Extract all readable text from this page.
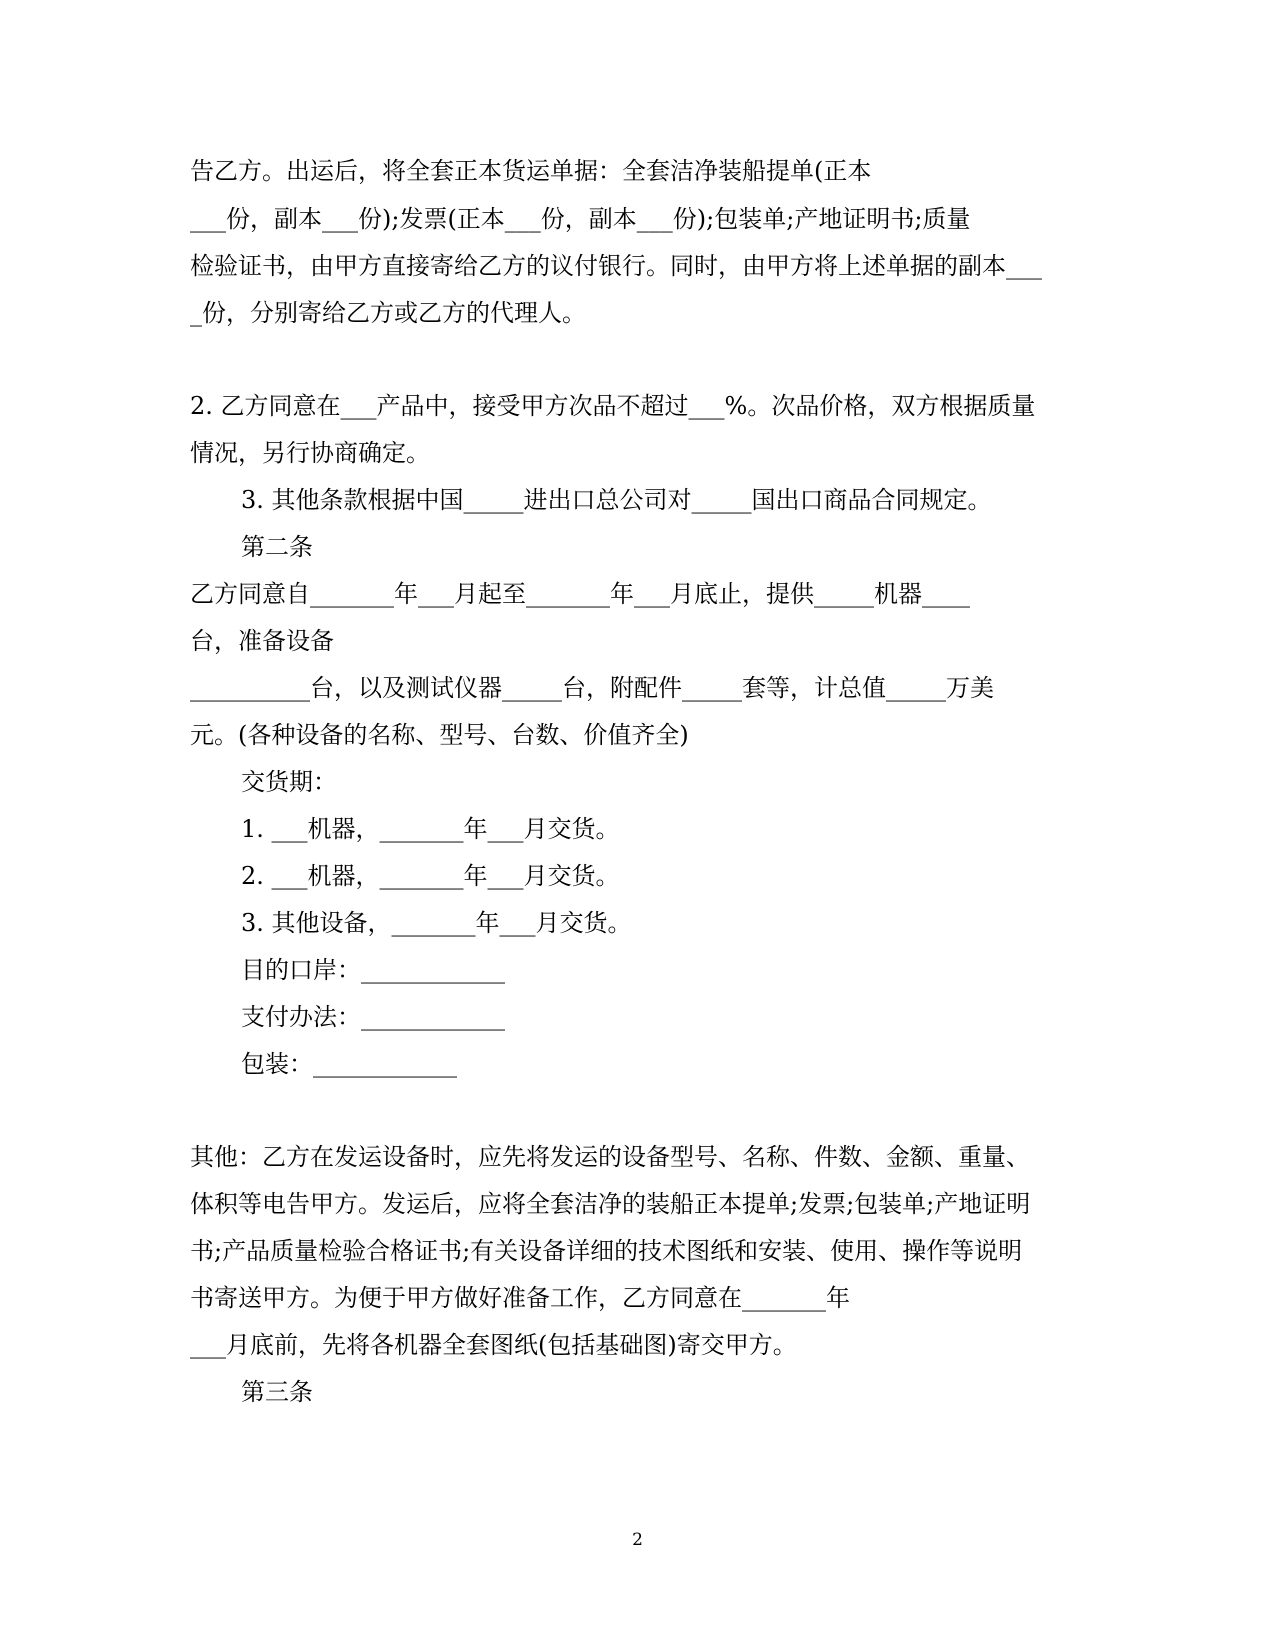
告乙方。出运后，将全套正本货运单据：全套洁净装船提单(正本
___份，副本___份);发票(正本___份，副本___份);包装单;产地证明书;质量
检验证书，由甲方直接寄给乙方的议付银行。同时，由甲方将上述单据的副本___
_份，分别寄给乙方或乙方的代理人。
2. 乙方同意在___产品中，接受甲方次品不超过___%。次品价格，双方根据质量
情况，另行协商确定。
3. 其他条款根据中国_____进出口总公司对_____国出口商品合同规定。
第二条
乙方同意自_______年___月起至_______年___月底止，提供_____机器____
台，准备设备
__________台，以及测试仪器_____台，附配件_____套等，计总值_____万美
元。(各种设备的名称、型号、台数、价值齐全)
交货期：
1. ___机器，_______年___月交货。
2. ___机器，_______年___月交货。
3. 其他设备，_______年___月交货。
目的口岸：____________
支付办法：____________
包装：____________
其他：乙方在发运设备时，应先将发运的设备型号、名称、件数、金额、重量、
体积等电告甲方。发运后，应将全套洁净的装船正本提单;发票;包装单;产地证明
书;产品质量检验合格证书;有关设备详细的技术图纸和安装、使用、操作等说明
书寄送甲方。为便于甲方做好准备工作，乙方同意在_______年
___月底前，先将各机器全套图纸(包括基础图)寄交甲方。
第三条
2
